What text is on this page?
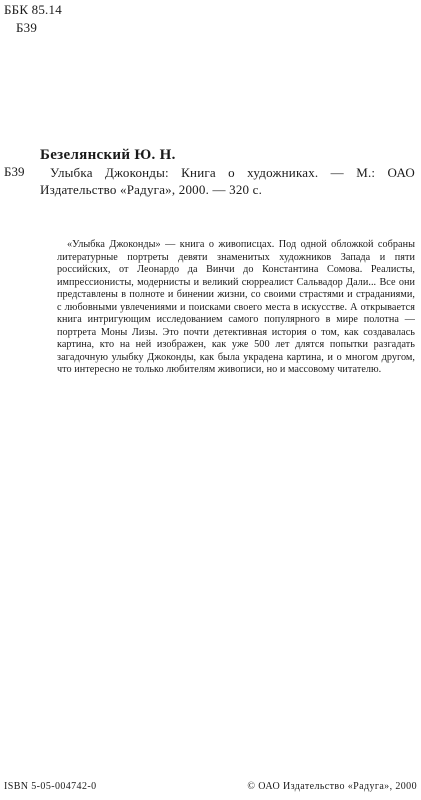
ББК 85.14
Б39
Безелянский Ю. Н.
Б39	Улыбка Джоконды: Книга о художниках. — М.: ОАО Издательство «Радуга», 2000. — 320 с.
«Улыбка Джоконды» — книга о живописцах. Под одной обложкой собраны литературные портреты девяти знаменитых художников Запада и пяти российских, от Леонардо да Винчи до Константина Сомова. Реалисты, импрессионисты, модернисты и великий сюрреалист Сальвадор Дали... Все они представлены в полноте и бинении жизни, со своими страстями и страданиями, с любовными увлечениями и поисками своего места в искусстве. А открывается книга интригующим исследованием самого популярного в мире полотна — портрета Моны Лизы. Это почти детективная история о том, как создавалась картина, кто на ней изображен, как уже 500 лет длятся попытки разгадать загадочную улыбку Джоконды, как была украдена картина, и о многом другом, что интересно не только любителям живописи, но и массовому читателю.
ISBN 5-05-004742-0	© ОАО Издательство «Радуга», 2000
